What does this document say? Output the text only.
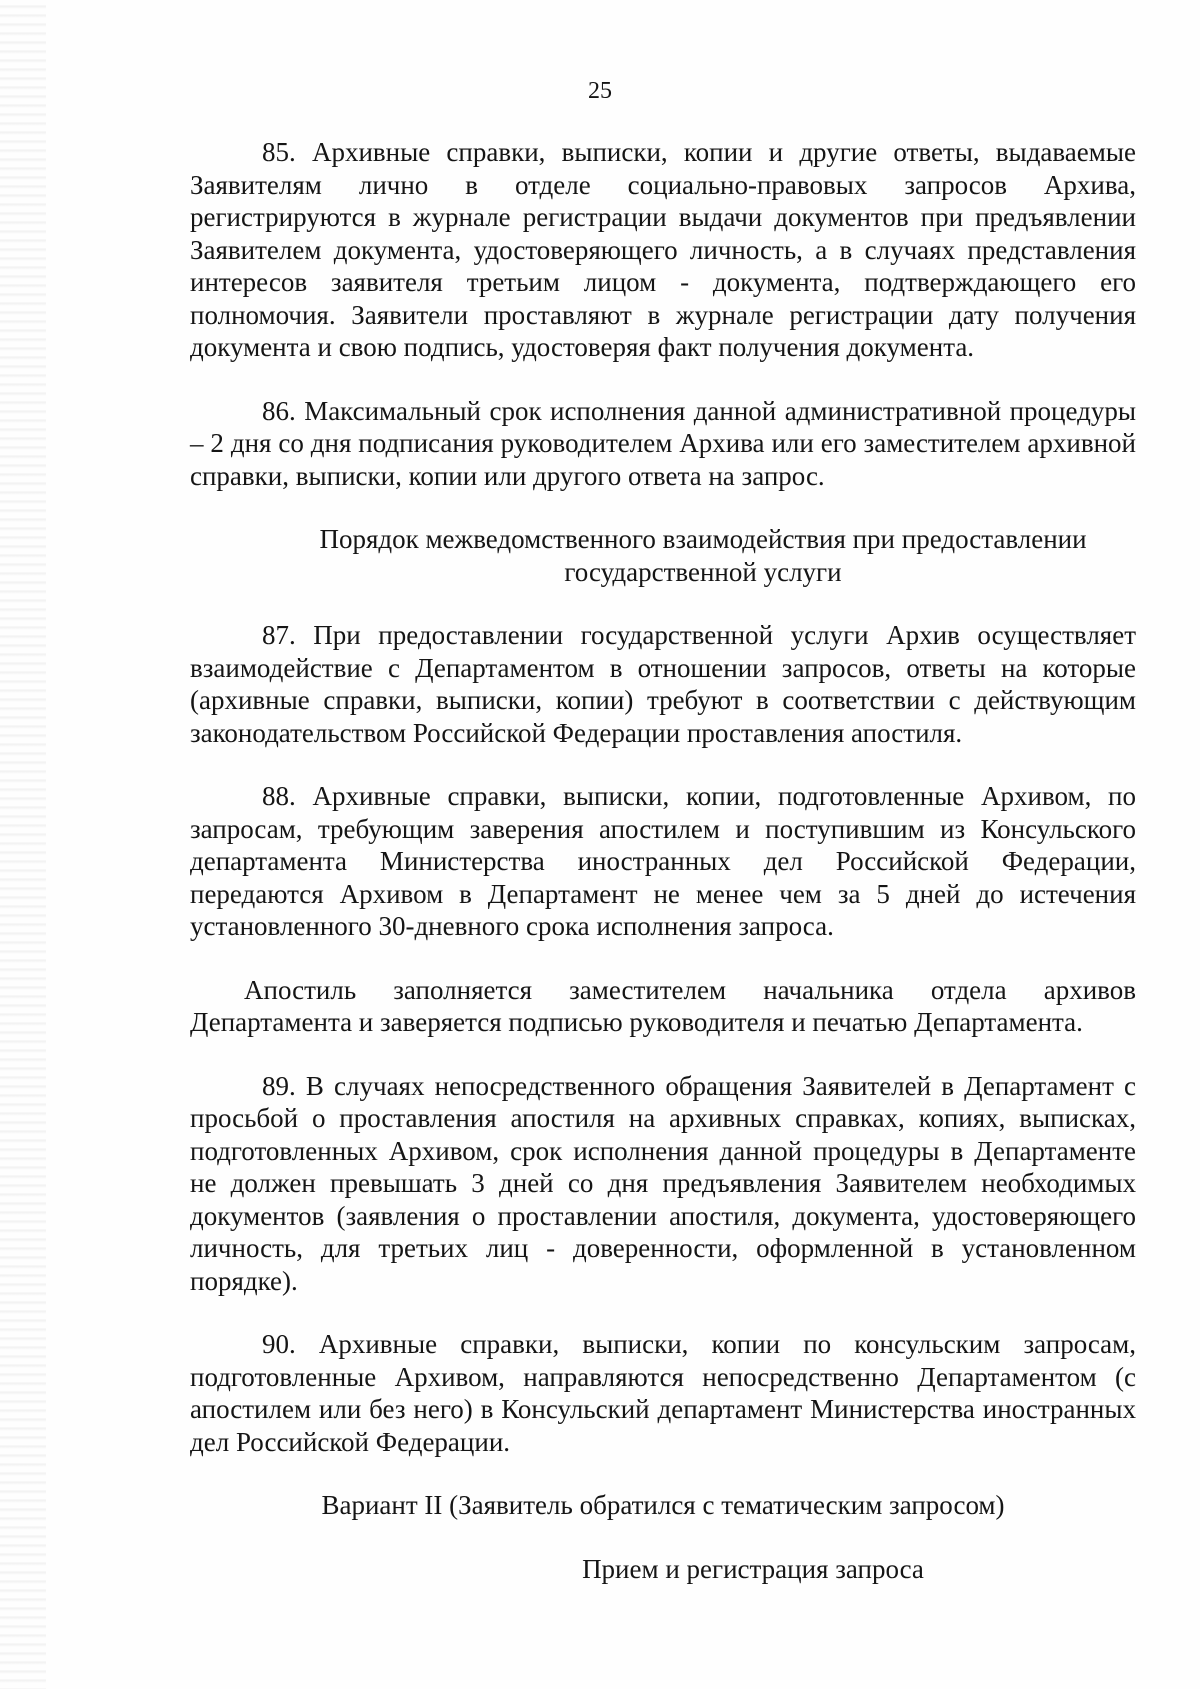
25

85. Архивные справки, выписки, копии и другие ответы, выдаваемые Заявителям лично в отделе социально-правовых запросов Архива, регистрируются в журнале регистрации выдачи документов при предъявлении Заявителем документа, удостоверяющего личность, а в случаях представления интересов заявителя третьим лицом - документа, подтверждающего его полномочия. Заявители проставляют в журнале регистрации дату получения документа и свою подпись, удостоверяя факт получения документа.

86. Максимальный срок исполнения данной административной процедуры – 2 дня со дня подписания руководителем Архива или его заместителем архивной справки, выписки, копии или другого ответа на запрос.

Порядок межведомственного взаимодействия при предоставлении государственной услуги

87. При предоставлении государственной услуги Архив осуществляет взаимодействие с Департаментом в отношении запросов, ответы на которые (архивные справки, выписки, копии) требуют в соответствии с действующим законодательством Российской Федерации проставления апостиля.

88. Архивные справки, выписки, копии, подготовленные Архивом, по запросам, требующим заверения апостилем и поступившим из Консульского департамента Министерства иностранных дел Российской Федерации, передаются Архивом в Департамент не менее чем за 5 дней до истечения установленного 30-дневного срока исполнения запроса.

Апостиль заполняется заместителем начальника отдела архивов Департамента и заверяется подписью руководителя и печатью Департамента.

89. В случаях непосредственного обращения Заявителей в Департамент с просьбой о проставления апостиля на архивных справках, копиях, выписках, подготовленных Архивом, срок исполнения данной процедуры в Департаменте не должен превышать 3 дней со дня предъявления Заявителем необходимых документов (заявления о проставлении апостиля, документа, удостоверяющего личность, для третьих лиц - доверенности, оформленной в установленном порядке).

90. Архивные справки, выписки, копии по консульским запросам, подготовленные Архивом, направляются непосредственно Департаментом (с апостилем или без него) в Консульский департамент Министерства иностранных дел Российской Федерации.

Вариант II (Заявитель обратился с тематическим запросом)

Прием и регистрация запроса
